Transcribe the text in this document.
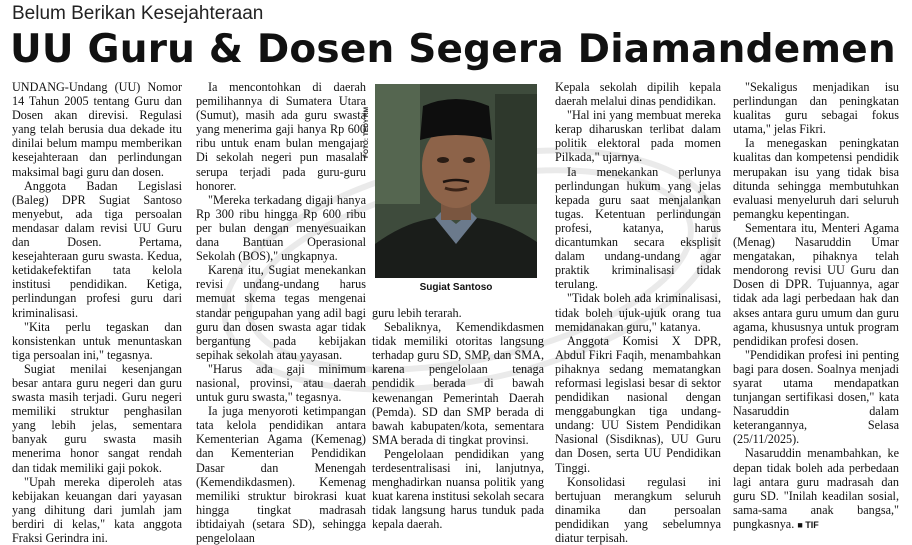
Belum Berikan Kesejahteraan
UU Guru & Dosen Segera Diamandemen

UNDANG-Undang (UU) Nomor 14 Tahun 2005 tentang Guru dan Dosen akan direvisi. Regulasi yang telah berusia dua dekade itu dinilai belum mampu memberikan kesejahteraan dan perlindungan maksimal bagi guru dan dosen.

Anggota Badan Legislasi (Baleg) DPR Sugiat Santoso menyebut, ada tiga persoalan mendasar dalam revisi UU Guru dan Dosen. Pertama, kesejahteraan guru swasta. Kedua, ketidakefektifan tata kelola institusi pendidikan. Ketiga, perlindungan profesi guru dari kriminalisasi.

"Kita perlu tegaskan dan konsistenkan untuk menuntaskan tiga persoalan ini," tegasnya.

Sugiat menilai kesenjangan besar antara guru negeri dan guru swasta masih terjadi. Guru negeri memiliki struktur penghasilan yang lebih jelas, sementara banyak guru swasta masih menerima honor sangat rendah dan tidak memiliki gaji pokok.

"Upah mereka diperoleh atas kebijakan keuangan dari yayasan yang dihitung dari jumlah jam berdiri di kelas," kata anggota Fraksi Gerindra ini.

Ia mencontohkan di daerah pemilihannya di Sumatera Utara (Sumut), masih ada guru swasta yang menerima gaji hanya Rp 600 ribu untuk enam bulan mengajar. Di sekolah negeri pun masalah serupa terjadi pada guru-guru honorer.

"Mereka terkadang digaji hanya Rp 300 ribu hingga Rp 600 ribu per bulan dengan menyesuaikan dana Bantuan Operasional Sekolah (BOS)," ungkapnya.

Karena itu, Sugiat menekankan revisi undang-undang harus memuat skema tegas mengenai standar pengupahan yang adil bagi guru dan dosen swasta agar tidak bergantung pada kebijakan sepihak sekolah atau yayasan.

"Harus ada gaji minimum nasional, provinsi, atau daerah untuk guru swasta," tegasnya.

Ia juga menyoroti ketimpangan tata kelola pendidikan antara Kementerian Agama (Kemenag) dan Kementerian Pendidikan Dasar dan Menengah (Kemendikdasmen). Kemenag memiliki struktur birokrasi kuat hingga tingkat madrasah ibtidaiyah (setara SD), sehingga pengelolaan

FOTO: TEDY RM
Sugiat Santoso

guru lebih terarah.

Sebaliknya, Kemendikdasmen tidak memiliki otoritas langsung terhadap guru SD, SMP, dan SMA, karena pengelolaan tenaga pendidik berada di bawah kewenangan Pemerintah Daerah (Pemda). SD dan SMP berada di bawah kabupaten/kota, sementara SMA berada di tingkat provinsi.

Pengelolaan pendidikan yang terdesentralisasi ini, lanjutnya, menghadirkan nuansa politik yang kuat karena institusi sekolah secara tidak langsung harus tunduk pada kepala daerah.

Kepala sekolah dipilih kepala daerah melalui dinas pendidikan.

"Hal ini yang membuat mereka kerap diharuskan terlibat dalam politik elektoral pada momen Pilkada," ujarnya.

Ia menekankan perlunya perlindungan hukum yang jelas kepada guru saat menjalankan tugas. Ketentuan perlindungan profesi, katanya, harus dicantumkan secara eksplisit dalam undang-undang agar praktik kriminalisasi tidak terulang.

"Tidak boleh ada kriminalisasi, tidak boleh ujuk-ujuk orang tua memidanakan guru," katanya.

Anggota Komisi X DPR, Abdul Fikri Faqih, menambahkan pihaknya sedang mematangkan reformasi legislasi besar di sektor pendidikan nasional dengan menggabungkan tiga undang-undang: UU Sistem Pendidikan Nasional (Sisdiknas), UU Guru dan Dosen, serta UU Pendidikan Tinggi.

Konsolidasi regulasi ini bertujuan merangkum seluruh dinamika dan persoalan pendidikan yang sebelumnya diatur terpisah.

"Sekaligus menjadikan isu perlindungan dan peningkatan kualitas guru sebagai fokus utama," jelas Fikri.

Ia menegaskan peningkatan kualitas dan kompetensi pendidik merupakan isu yang tidak bisa ditunda sehingga membutuhkan evaluasi menyeluruh dari seluruh pemangku kepentingan.

Sementara itu, Menteri Agama (Menag) Nasaruddin Umar mengatakan, pihaknya telah mendorong revisi UU Guru dan Dosen di DPR. Tujuannya, agar tidak ada lagi perbedaan hak dan akses antara guru umum dan guru agama, khususnya untuk program pendidikan profesi dosen.

"Pendidikan profesi ini penting bagi para dosen. Soalnya menjadi syarat utama mendapatkan tunjangan sertifikasi dosen," kata Nasaruddin dalam keterangannya, Selasa (25/11/2025).

Nasaruddin menambahkan, ke depan tidak boleh ada perbedaan lagi antara guru madrasah dan guru SD. "Inilah keadilan sosial, sama-sama anak bangsa," pungkasnya. ■ TIF
